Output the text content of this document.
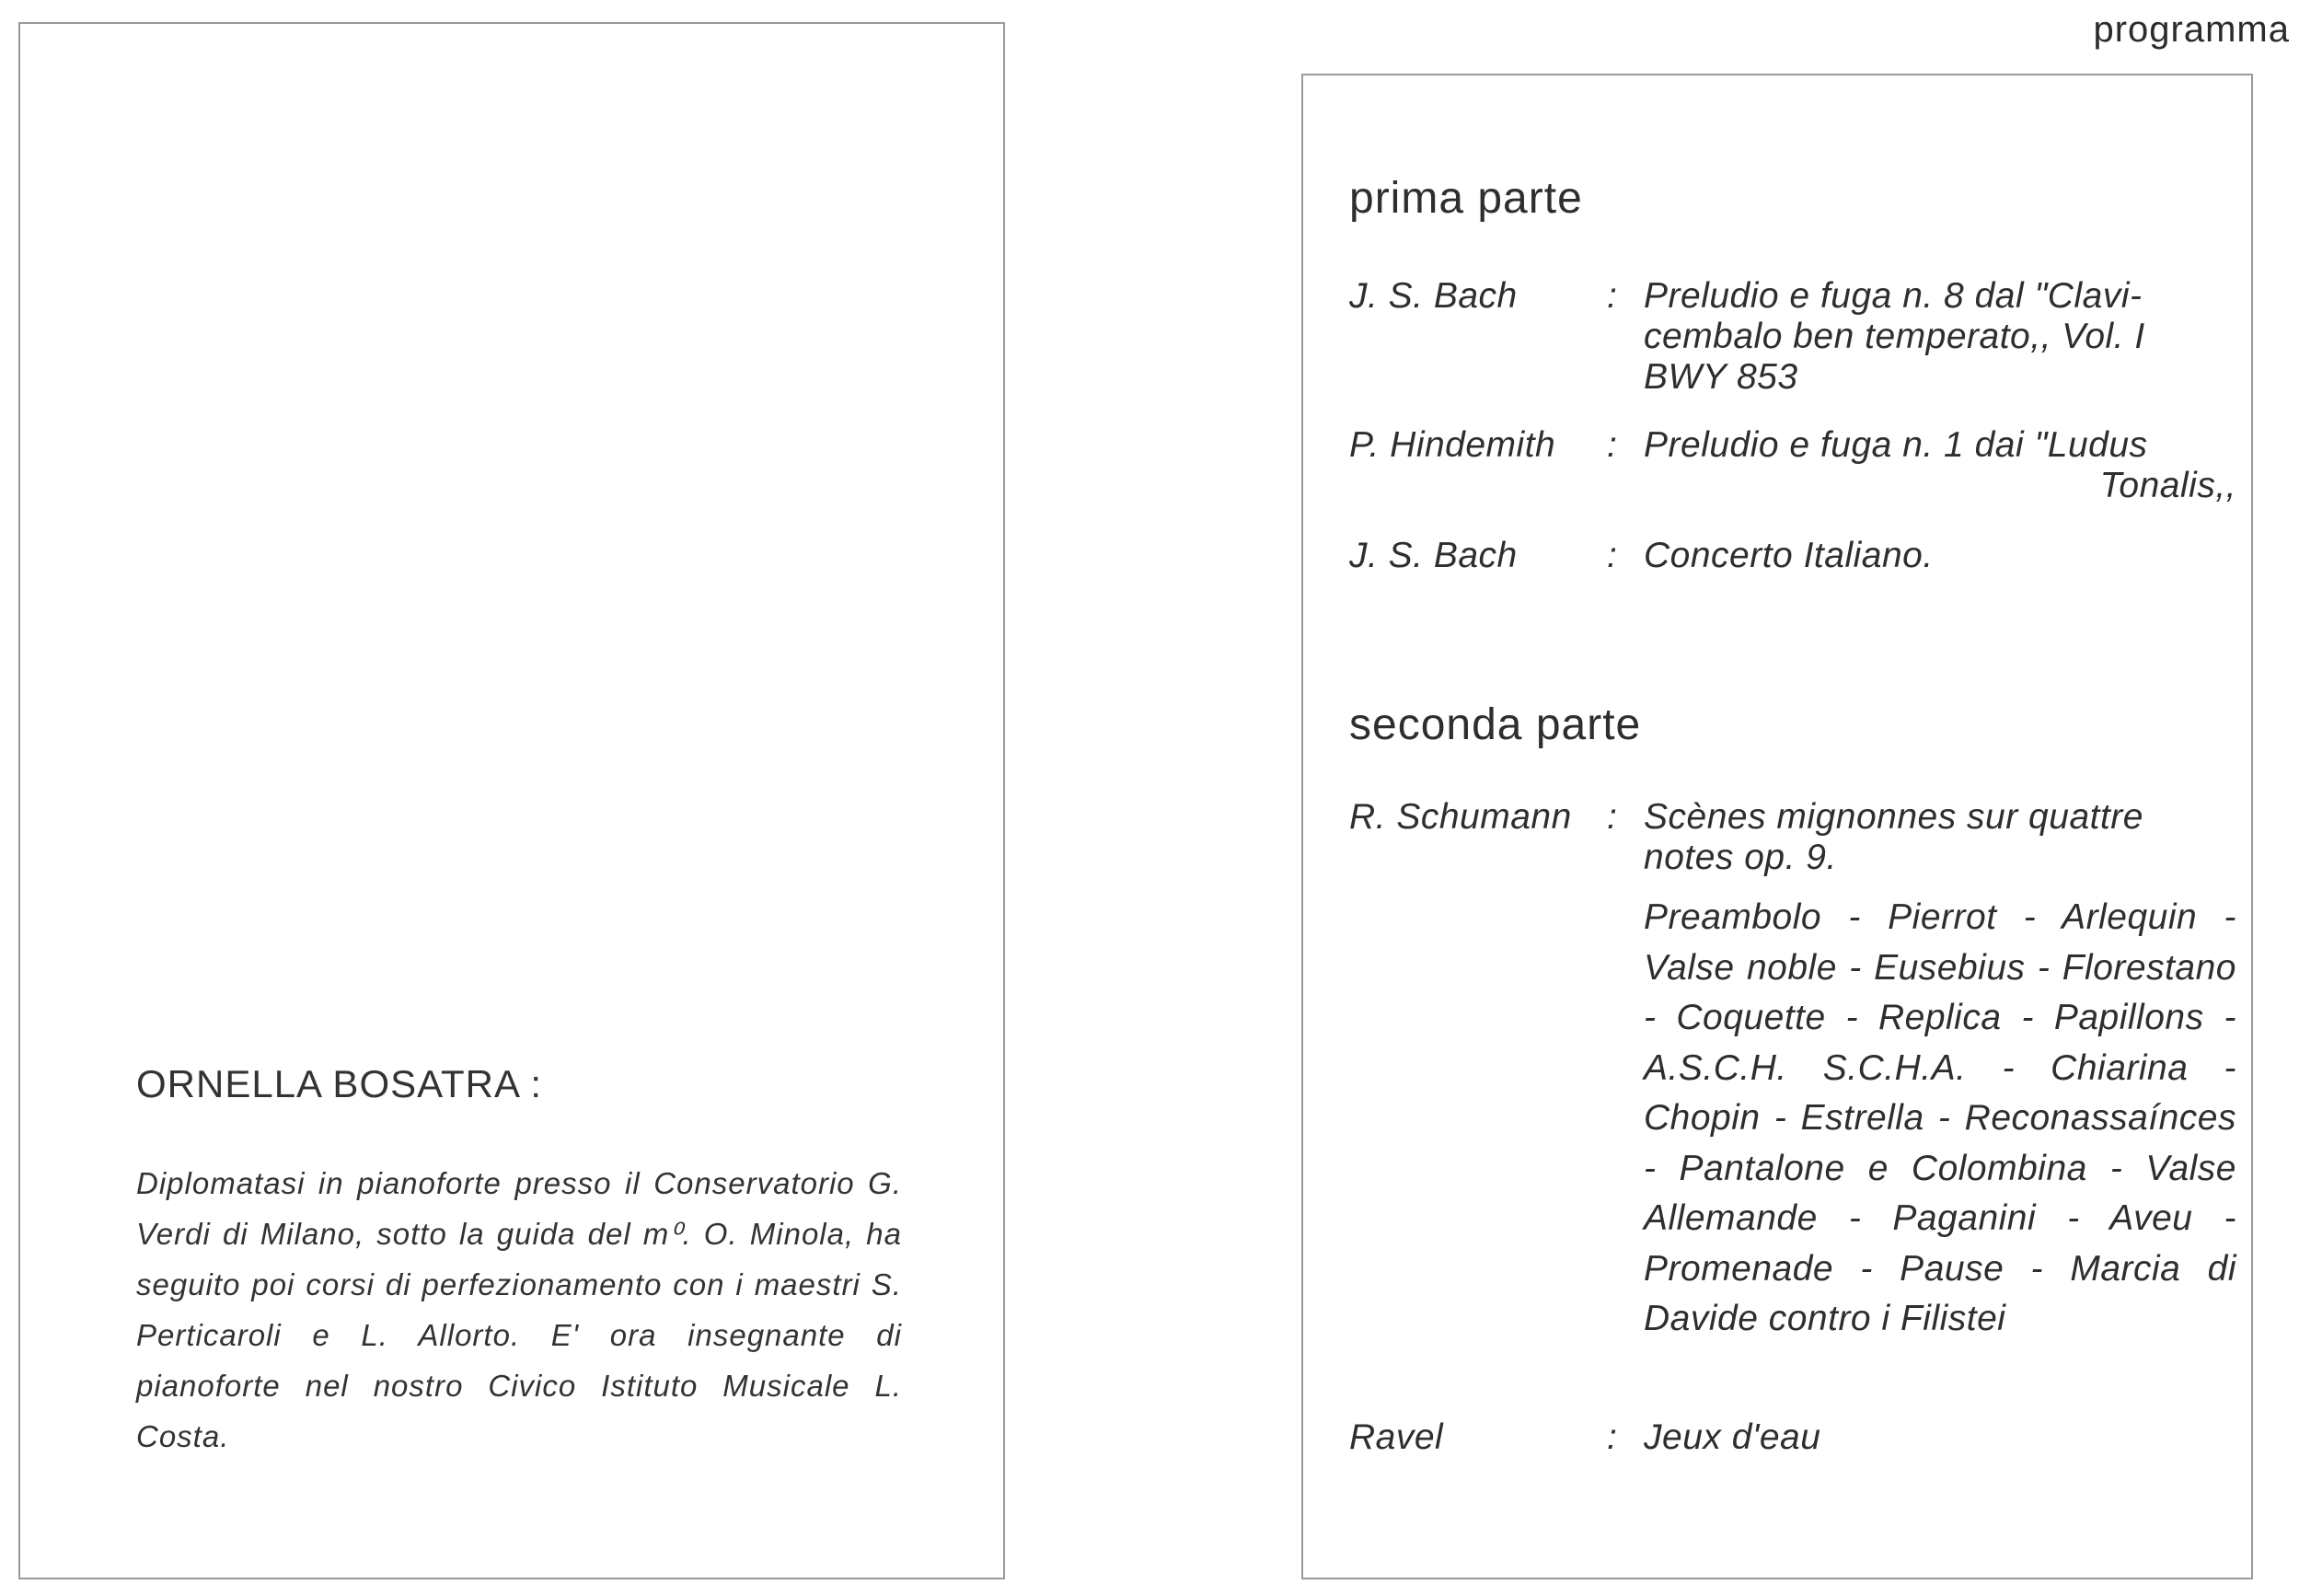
programma
ORNELLA BOSATRA :
Diplomatasi in pianoforte presso il Conservatorio G. Verdi di Milano, sotto la guida del m⁰. O. Minola, ha seguito poi corsi di perfezionamento con i maestri S. Perticaroli e L. Allorto. E' ora insegnante di pianoforte nel nostro Civico Istituto Musicale L. Costa.
prima parte
J. S. Bach : Preludio e fuga n. 8 dal "Clavi-
cembalo ben temperato,, Vol. I
BWY 853
P. Hindemith : Preludio e fuga n. 1 dai "Ludus
Tonalis,,
J. S. Bach : Concerto Italiano.
seconda parte
R. Schumann : Scènes mignonnes sur quattre
notes op. 9.
Preambolo - Pierrot - Arlequin - Valse noble - Eusebius - Florestano - Coquette - Replica - Papillons - A.S.C.H. S.C.H.A. - Chiarina - Chopin - Estrella - Reconassaínces - Pantalone e Colombina - Valse Allemande - Paganini - Aveu - Promenade - Pause - Marcia di Davide contro i Filistei
Ravel	: Jeux d'eau
